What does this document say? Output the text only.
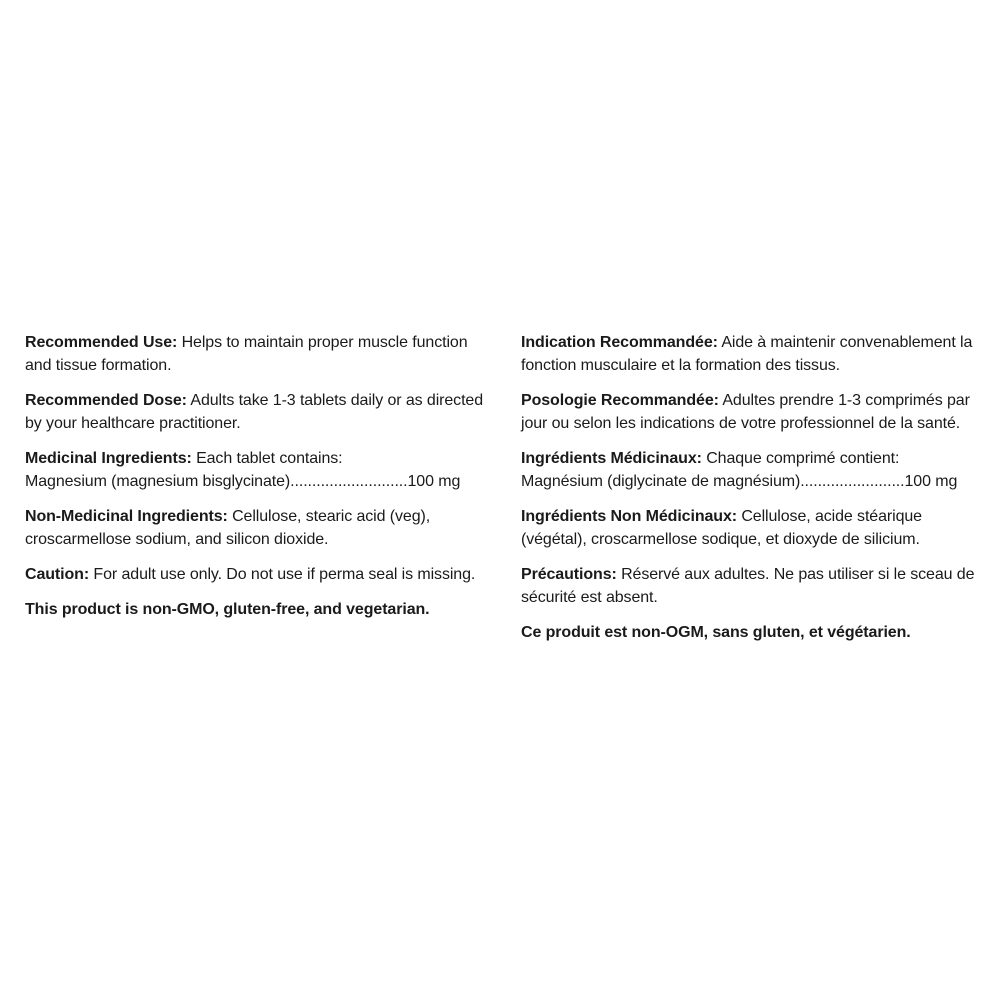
Recommended Use: Helps to maintain proper muscle function and tissue formation.

Recommended Dose: Adults take 1-3 tablets daily or as directed by your healthcare practitioner.

Medicinal Ingredients: Each tablet contains:
Magnesium (magnesium bisglycinate)...........................100 mg

Non-Medicinal Ingredients: Cellulose, stearic acid (veg), croscarmellose sodium, and silicon dioxide.

Caution: For adult use only. Do not use if perma seal is missing.

This product is non-GMO, gluten-free, and vegetarian.

Indication Recommandée: Aide à maintenir convenablement la fonction musculaire et la formation des tissus.

Posologie Recommandée: Adultes prendre 1-3 comprimés par jour ou selon les indications de votre professionnel de la santé.

Ingrédients Médicinaux: Chaque comprimé contient:
Magnésium (diglycinate de magnésium)........................100 mg

Ingrédients Non Médicinaux: Cellulose, acide stéarique (végétal), croscarmellose sodique, et dioxyde de silicium.

Précautions: Réservé aux adultes. Ne pas utiliser si le sceau de sécurité est absent.

Ce produit est non-OGM, sans gluten, et végétarien.
